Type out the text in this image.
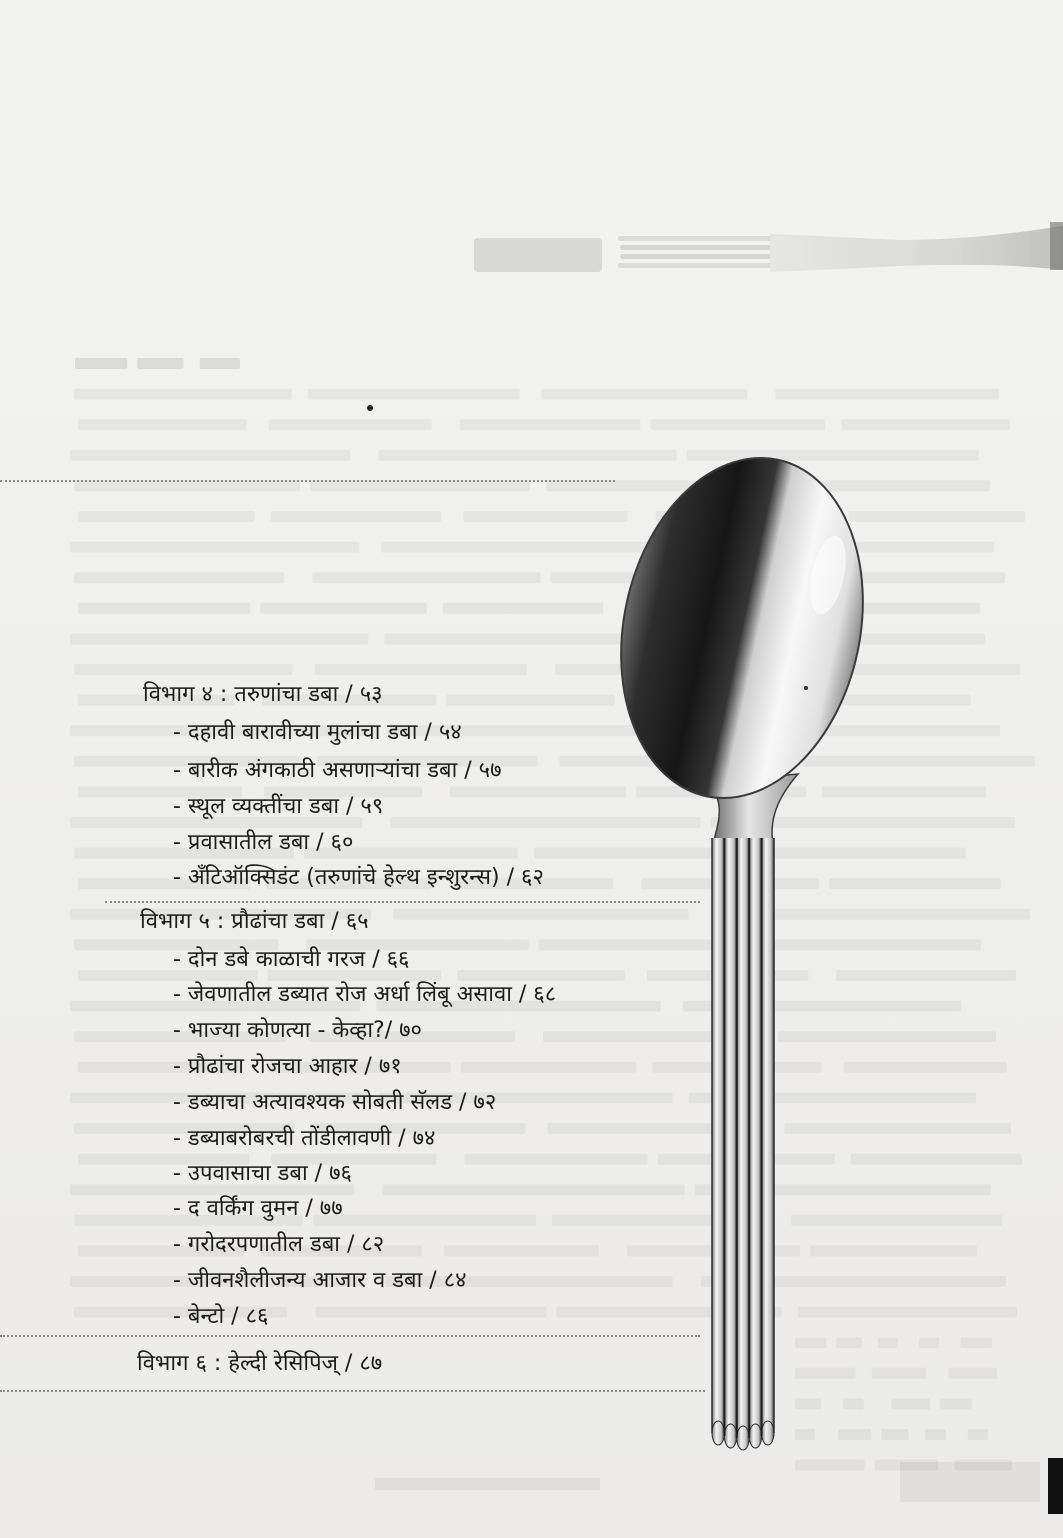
विभाग ४ : तरुणांचा डबा / ५३
- दहावी बारावीच्या मुलांचा डबा / ५४
- बारीक अंगकाठी असणाऱ्यांचा डबा / ५७
- स्थूल व्यक्तींचा डबा / ५९
- प्रवासातील डबा / ६०
- अँटिऑक्सिडंट (तरुणांचे हेल्थ इन्शुरन्स) / ६२
विभाग ५ : प्रौढांचा डबा / ६५
- दोन डबे काळाची गरज / ६६
- जेवणातील डब्यात रोज अर्धा लिंबू असावा / ६८
- भाज्या कोणत्या - केव्हा?/ ७०
- प्रौढांचा रोजचा आहार / ७१
- डब्याचा अत्यावश्यक सोबती सॅलड / ७२
- डब्याबरोबरची तोंडीलावणी / ७४
- उपवासाचा डबा / ७६
- द वर्किंग वुमन / ७७
- गरोदरपणातील डबा / ८२
- जीवनशैलीजन्य आजार व डबा / ८४
- बेन्टो / ८६
विभाग ६ : हेल्दी रेसिपिज् / ८७
